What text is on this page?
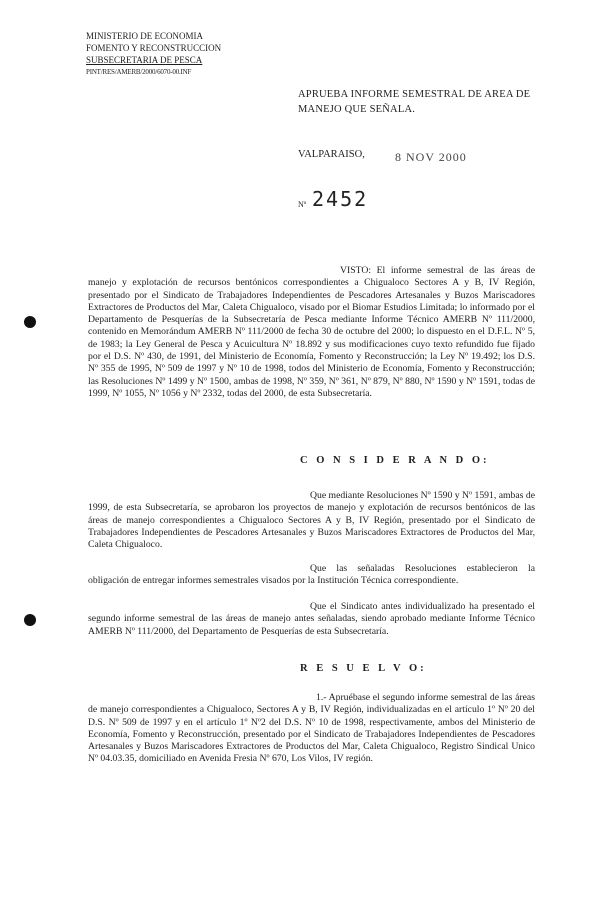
MINISTERIO DE ECONOMIA
FOMENTO Y RECONSTRUCCION
SUBSECRETARIA DE PESCA
PINT/RES/AMERB/2000/6070-00.INF
APRUEBA INFORME SEMESTRAL DE AREA DE
MANEJO QUE SEÑALA.
VALPARAISO,	8 NOV 2000
Nº 2452
VISTO: El informe semestral de las áreas de manejo y explotación de recursos bentónicos correspondientes a Chigualoco Sectores A y B, IV Región, presentado por el Sindicato de Trabajadores Independientes de Pescadores Artesanales y Buzos Mariscadores Extractores de Productos del Mar, Caleta Chigualoco, visado por el Biomar Estudios Limitada; lo informado por el Departamento de Pesquerías de la Subsecretaría de Pesca mediante Informe Técnico AMERB Nº 111/2000, contenido en Memorándum AMERB Nº 111/2000 de fecha 30 de octubre del 2000; lo dispuesto en el D.F.L. Nº 5, de 1983; la Ley General de Pesca y Acuicultura Nº 18.892 y sus modificaciones cuyo texto refundido fue fijado por el D.S. Nº 430, de 1991, del Ministerio de Economía, Fomento y Reconstrucción; la Ley Nº 19.492; los D.S. Nº 355 de 1995, Nº 509 de 1997 y Nº 10 de 1998, todos del Ministerio de Economía, Fomento y Reconstrucción; las Resoluciones Nº 1499 y Nº 1500, ambas de 1998, Nº 359, Nº 361, Nº 879, Nº 880, Nº 1590 y Nº 1591, todas de 1999, Nº 1055, Nº 1056 y Nº 2332, todas del 2000, de esta Subsecretaría.
C O N S I D E R A N D O:
Que mediante Resoluciones Nº 1590 y Nº 1591, ambas de 1999, de esta Subsecretaría, se aprobaron los proyectos de manejo y explotación de recursos bentónicos de las áreas de manejo correspondientes a Chigualoco Sectores A y B, IV Región, presentado por el Sindicato de Trabajadores Independientes de Pescadores Artesanales y Buzos Mariscadores Extractores de Productos del Mar, Caleta Chigualoco.
Que las señaladas Resoluciones establecieron la obligación de entregar informes semestrales visados por la Institución Técnica correspondiente.
Que el Sindicato antes individualizado ha presentado el segundo informe semestral de las áreas de manejo antes señaladas, siendo aprobado mediante Informe Técnico AMERB Nº 111/2000, del Departamento de Pesquerías de esta Subsecretaría.
R E S U E L V O:
1.- Apruébase el segundo informe semestral de las áreas de manejo correspondientes a Chigualoco, Sectores A y B, IV Región, individualizadas en el artículo 1º Nº 20 del D.S. Nº 509 de 1997 y en el artículo 1º Nº2 del D.S. Nº 10 de 1998, respectivamente, ambos del Ministerio de Economía, Fomento y Reconstrucción, presentado por el Sindicato de Trabajadores Independientes de Pescadores Artesanales y Buzos Mariscadores Extractores de Productos del Mar, Caleta Chigualoco, Registro Sindical Unico Nº 04.03.35, domiciliado en Avenida Fresia Nº 670, Los Vilos, IV región.
